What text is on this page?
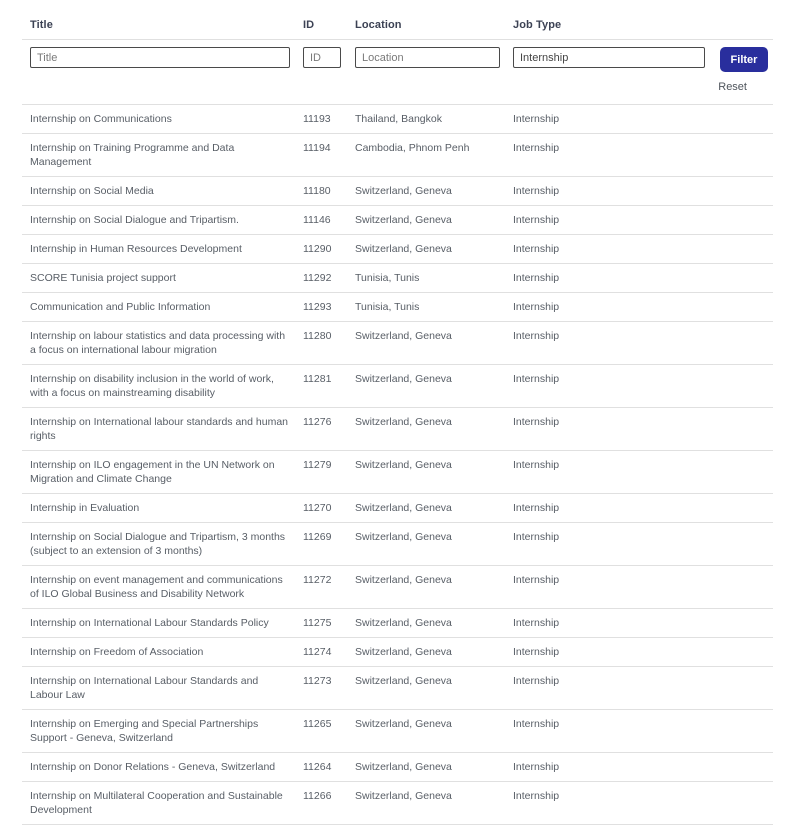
Title	ID	Location	Job Type
Title
ID
Location
Internship
Filter
Reset
Internship on Communications	11193	Thailand, Bangkok	Internship
Internship on Training Programme and Data Management
11194	Cambodia, Phnom Penh	Internship
Internship on Social Media	11180	Switzerland, Geneva	Internship
Internship on Social Dialogue and Tripartism.	11146	Switzerland, Geneva	Internship
Internship in Human Resources Development	11290	Switzerland, Geneva	Internship
SCORE Tunisia project support	11292	Tunisia, Tunis	Internship
Communication and Public Information	11293	Tunisia, Tunis	Internship
Internship on labour statistics and data processing with a focus on international labour migration
11280	Switzerland, Geneva	Internship
Internship on disability inclusion in the world of work, with a focus on mainstreaming disability
11281	Switzerland, Geneva	Internship
Internship on International labour standards and human rights
11276	Switzerland, Geneva	Internship
Internship on ILO engagement in the UN Network on Migration and Climate Change
11279	Switzerland, Geneva	Internship
Internship in Evaluation	11270	Switzerland, Geneva	Internship
Internship on Social Dialogue and Tripartism, 3 months (subject to an extension of 3 months)
11269	Switzerland, Geneva	Internship
Internship on event management and communications of ILO Global Business and Disability Network
11272	Switzerland, Geneva	Internship
Internship on International Labour Standards Policy	11275	Switzerland, Geneva	Internship
Internship on Freedom of Association	11274	Switzerland, Geneva	Internship
Internship on International Labour Standards and Labour Law
11273	Switzerland, Geneva	Internship
Internship on Emerging and Special Partnerships Support - Geneva, Switzerland
11265	Switzerland, Geneva	Internship
Internship on Donor Relations - Geneva, Switzerland	11264	Switzerland, Geneva	Internship
Internship on Multilateral Cooperation and Sustainable Development
11266	Switzerland, Geneva	Internship
